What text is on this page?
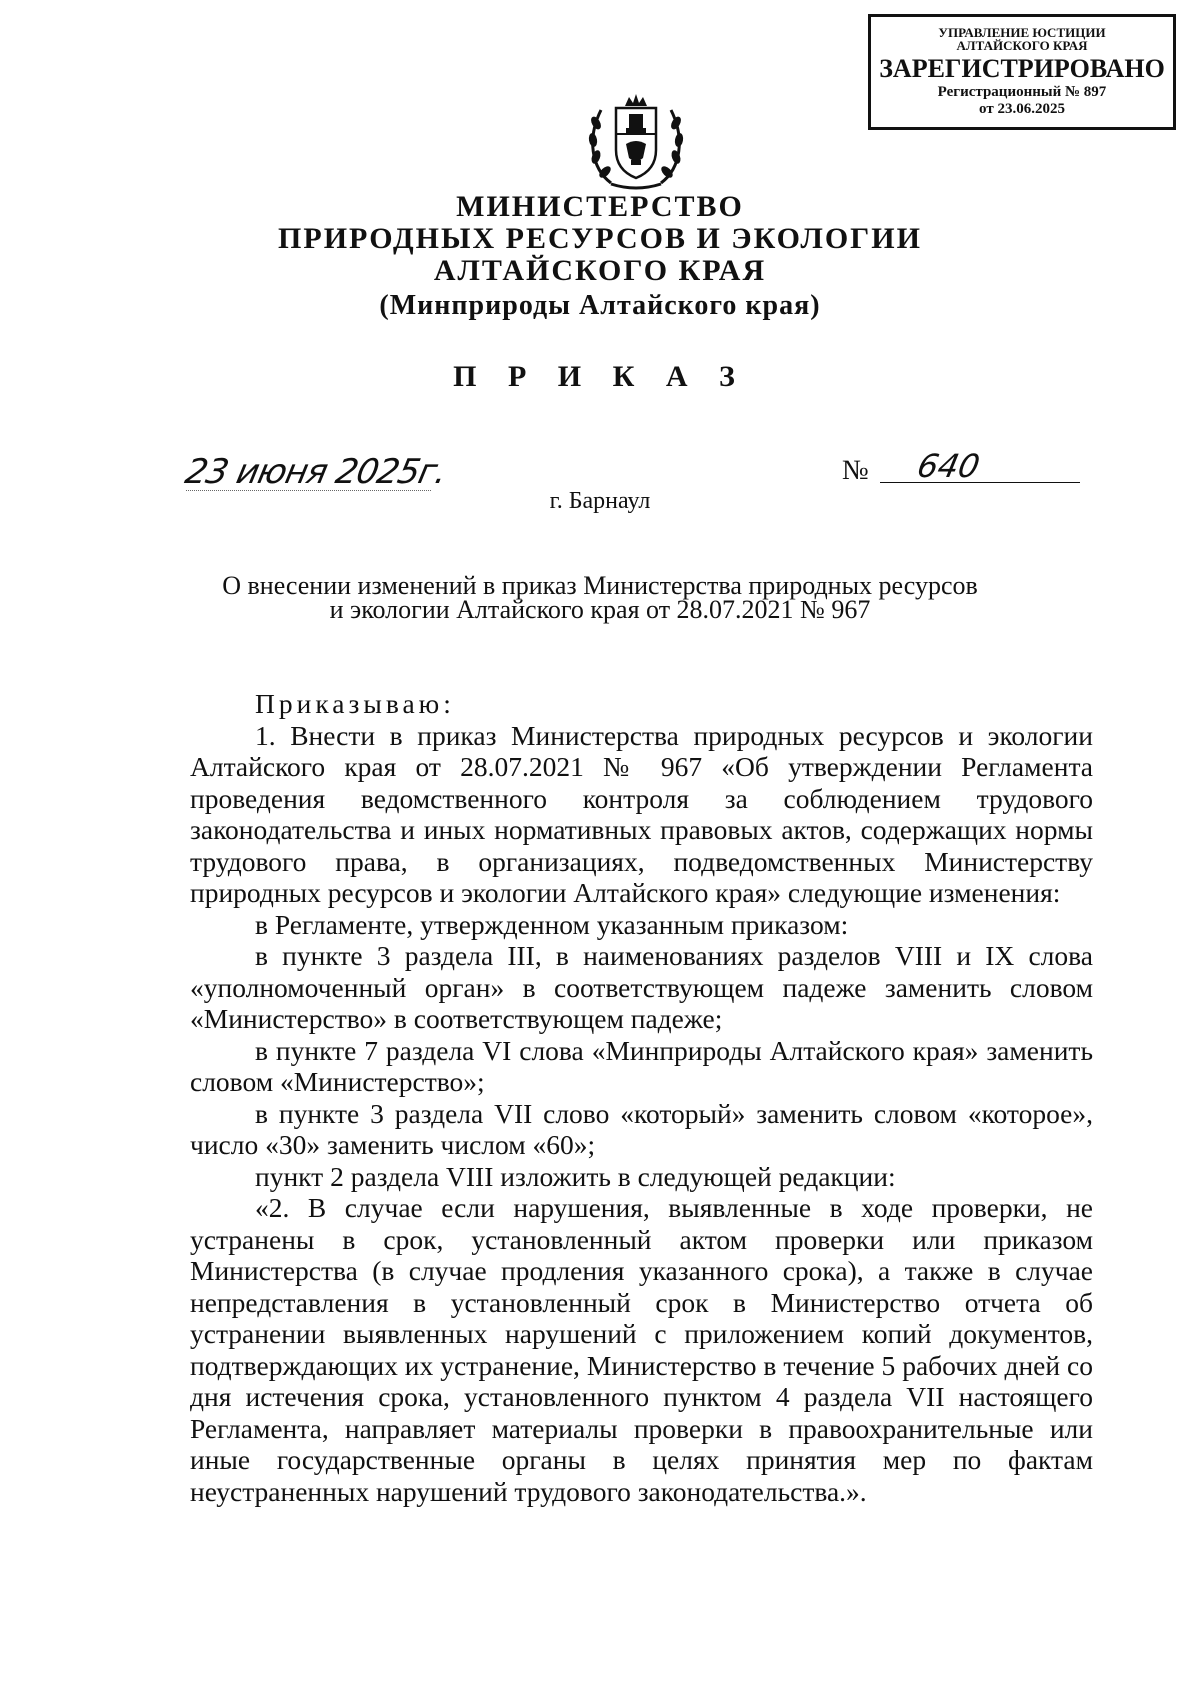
УПРАВЛЕНИЕ ЮСТИЦИИ
АЛТАЙСКОГО КРАЯ
ЗАРЕГИСТРИРОВАНО
Регистрационный № 897
от 23.06.2025
МИНИСТЕРСТВО
ПРИРОДНЫХ РЕСУРСОВ И ЭКОЛОГИИ
АЛТАЙСКОГО КРАЯ
(Минприроды Алтайского края)
П Р И К А З
23 июня 2025г.	№ 640
г. Барнаул
О внесении изменений в приказ Министерства природных ресурсов
и экологии Алтайского края от 28.07.2021 № 967

Приказываю:

1. Внести в приказ Министерства природных ресурсов и экологии Алтайского края от 28.07.2021 № 967 «Об утверждении Регламента проведения ведомственного контроля за соблюдением трудового законодательства и иных нормативных правовых актов, содержащих нормы трудового права, в организациях, подведомственных Министерству природных ресурсов и экологии Алтайского края» следующие изменения:

в Регламенте, утвержденном указанным приказом:

в пункте 3 раздела III, в наименованиях разделов VIII и IX слова «уполномоченный орган» в соответствующем падеже заменить словом «Министерство» в соответствующем падеже;

в пункте 7 раздела VI слова «Минприроды Алтайского края» заменить словом «Министерство»;

в пункте 3 раздела VII слово «который» заменить словом «которое», число «30» заменить числом «60»;

пункт 2 раздела VIII изложить в следующей редакции:

«2. В случае если нарушения, выявленные в ходе проверки, не устранены в срок, установленный актом проверки или приказом Министерства (в случае продления указанного срока), а также в случае непредставления в установленный срок в Министерство отчета об устранении выявленных нарушений с приложением копий документов, подтверждающих их устранение, Министерство в течение 5 рабочих дней со дня истечения срока, установленного пунктом 4 раздела VII настоящего Регламента, направляет материалы проверки в правоохранительные или иные государственные органы в целях принятия мер по фактам неустраненных нарушений трудового законодательства.».
